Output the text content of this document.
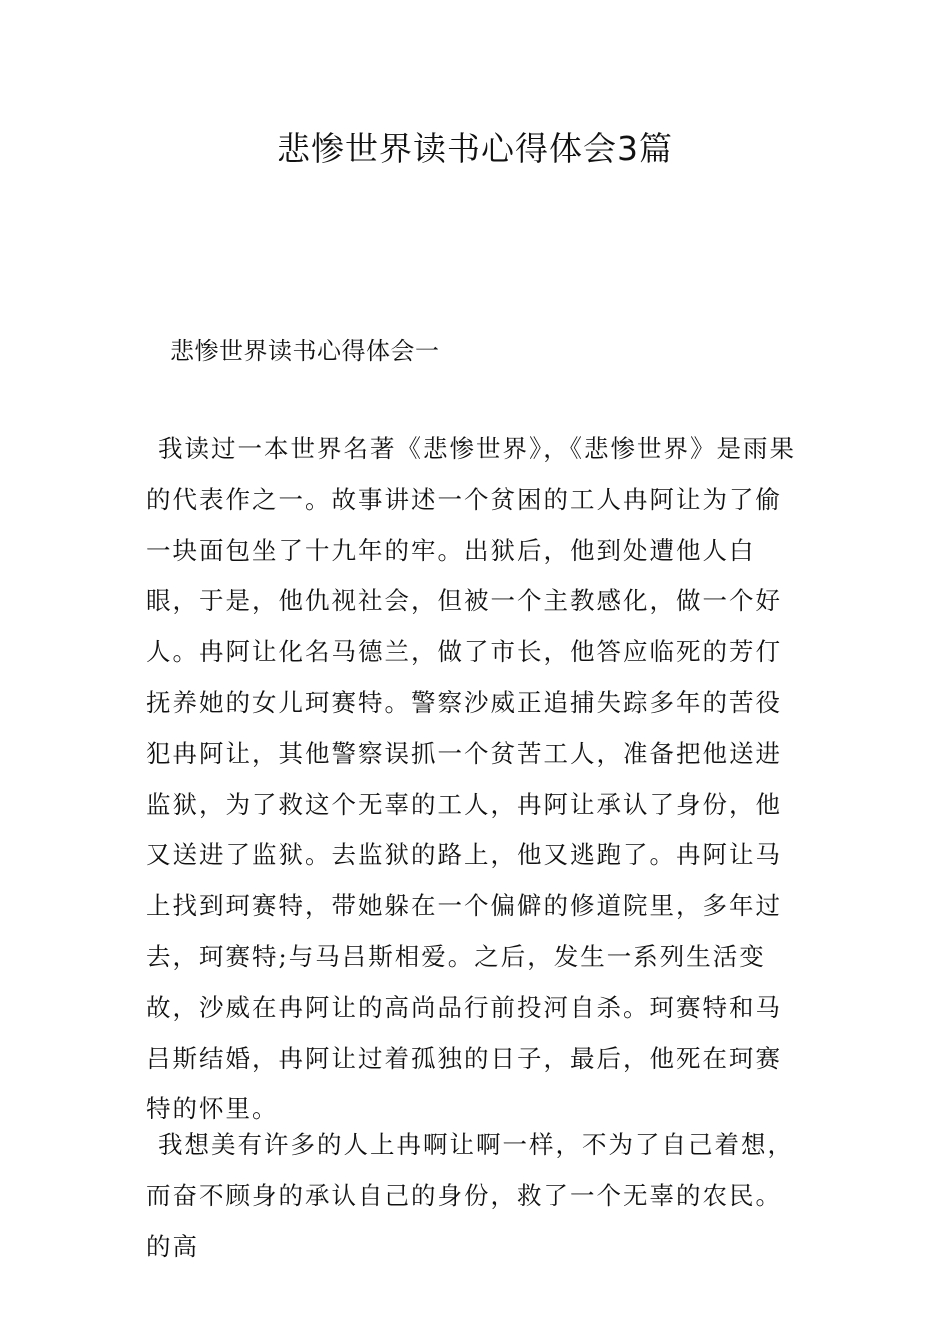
悲惨世界读书心得体会3篇
悲惨世界读书心得体会一

我读过一本世界名著《悲惨世界》，《悲惨世界》是雨果的代表作之一。故事讲述一个贫困的工人冉阿让为了偷一块面包坐了十九年的牢。出狱后，他到处遭他人白眼，于是，他仇视社会，但被一个主教感化，做一个好人。冉阿让化名马德兰，做了市长，他答应临死的芳仃抚养她的女儿珂赛特。警察沙威正追捕失踪多年的苦役犯冉阿让，其他警察误抓一个贫苦工人，准备把他送进监狱，为了救这个无辜的工人，冉阿让承认了身份，他又送进了监狱。去监狱的路上，他又逃跑了。冉阿让马上找到珂赛特，带她躲在一个偏僻的修道院里，多年过去，珂赛特;与马吕斯相爱。之后，发生一系列生活变故，沙威在冉阿让的高尚品行前投河自杀。珂赛特和马吕斯结婚，冉阿让过着孤独的日子，最后，他死在珂赛特的怀里。

我想美有许多的人上冉啊让啊一样，不为了自己着想，而奋不顾身的承认自己的身份，救了一个无辜的农民。的高
